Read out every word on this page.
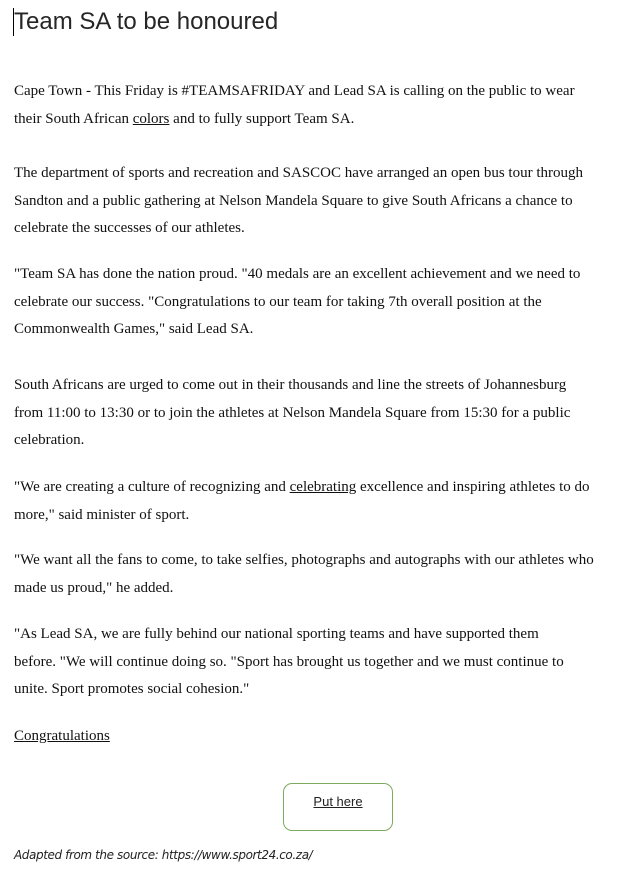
Team SA to be honoured

Cape Town - This Friday is #TEAMSAFRIDAY and Lead SA is calling on the public to wear
their South African colors and to fully support Team SA.

The department of sports and recreation and SASCOC have arranged an open bus tour through
Sandton and a public gathering at Nelson Mandela Square to give South Africans a chance to
celebrate the successes of our athletes.

"Team SA has done the nation proud. "40 medals are an excellent achievement and we need to
celebrate our success. "Congratulations to our team for taking 7th overall position at the
Commonwealth Games," said Lead SA.

South Africans are urged to come out in their thousands and line the streets of Johannesburg
from 11:00 to 13:30 or to join the athletes at Nelson Mandela Square from 15:30 for a public
celebration.

"We are creating a culture of recognizing and celebrating excellence and inspiring athletes to do
more," said minister of sport.

"We want all the fans to come, to take selfies, photographs and autographs with our athletes who
made us proud," he added.

"As Lead SA, we are fully behind our national sporting teams and have supported them
before. "We will continue doing so. "Sport has brought us together and we must continue to
unite. Sport promotes social cohesion."

Congratulations

Put here

Adapted from the source: https://www.sport24.co.za/
